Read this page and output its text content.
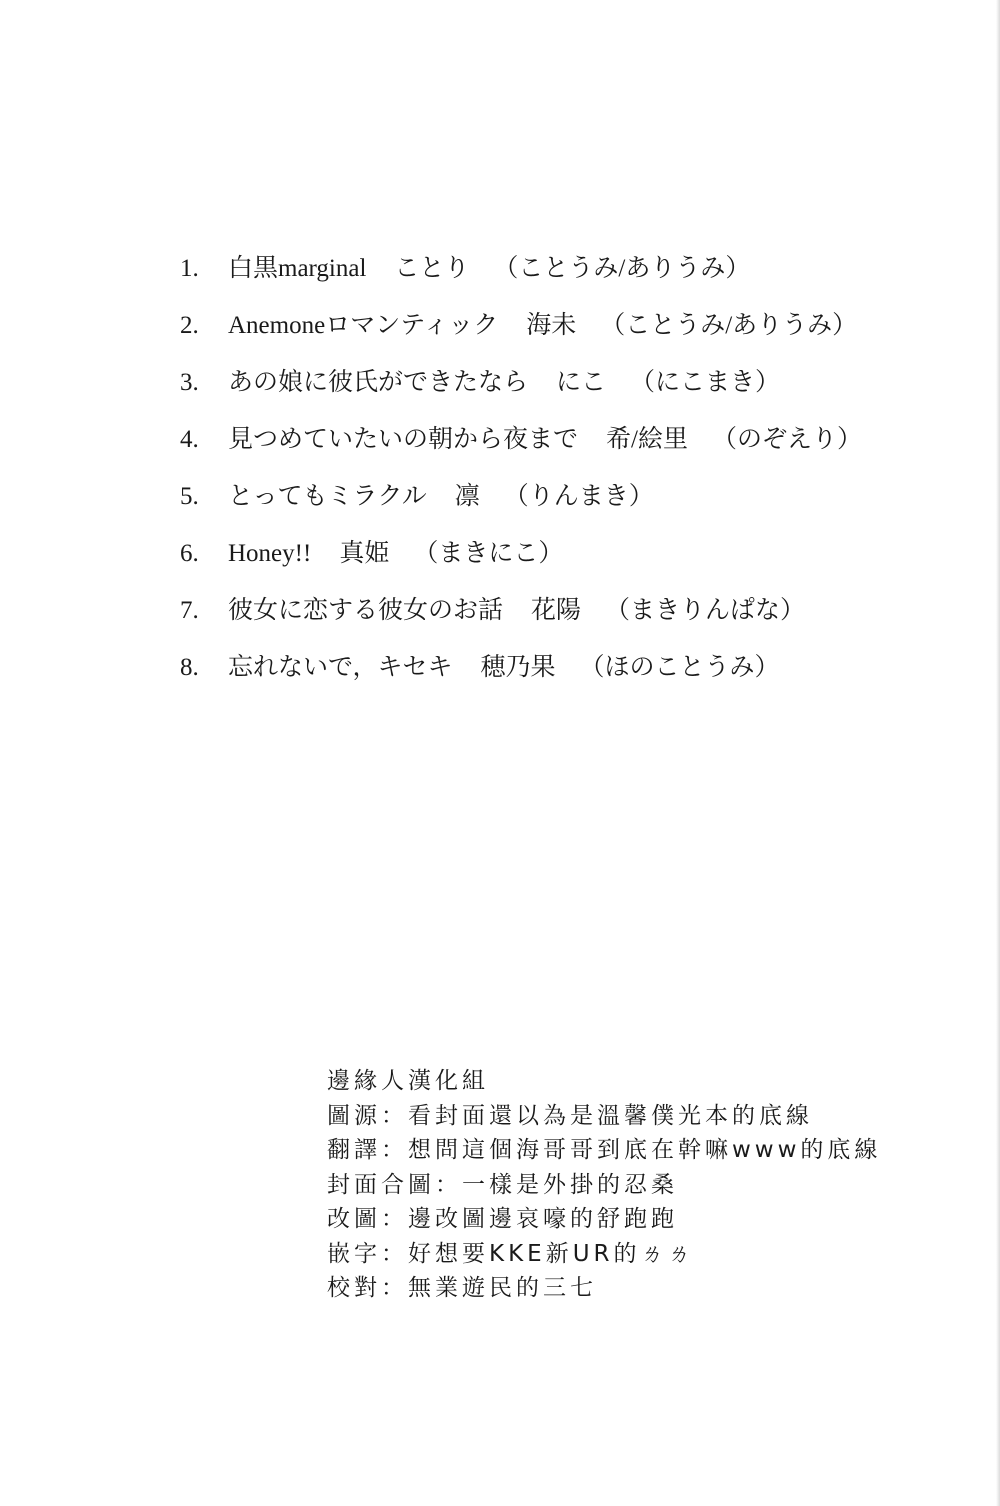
1.	白黒marginal ことり （ことうみ/ありうみ）
2.	Anemoneロマンティック 海未 （ことうみ/ありうみ）
3.	あの娘に彼氏ができたなら にこ （にこまき）
4.	見つめていたいの朝から夜まで 希/絵里 （のぞえり）
5.	とってもミラクル 凛 （りんまき）
6.	Honey!! 真姫 （まきにこ）
7.	彼女に恋する彼女のお話 花陽 （まきりんぱな）
8.	忘れないで，キセキ 穂乃果 （ほのことうみ）
邊緣人漢化組
圖源：看封面還以為是溫馨僕光本的底線
翻譯：想問這個海哥哥到底在幹嘛www的底線
封面合圖：一樣是外掛的忍桑
改圖：邊改圖邊哀嚎的舒跑跑
嵌字：好想要KKE新UR的ㄌㄌ
校對：無業遊民的三七
